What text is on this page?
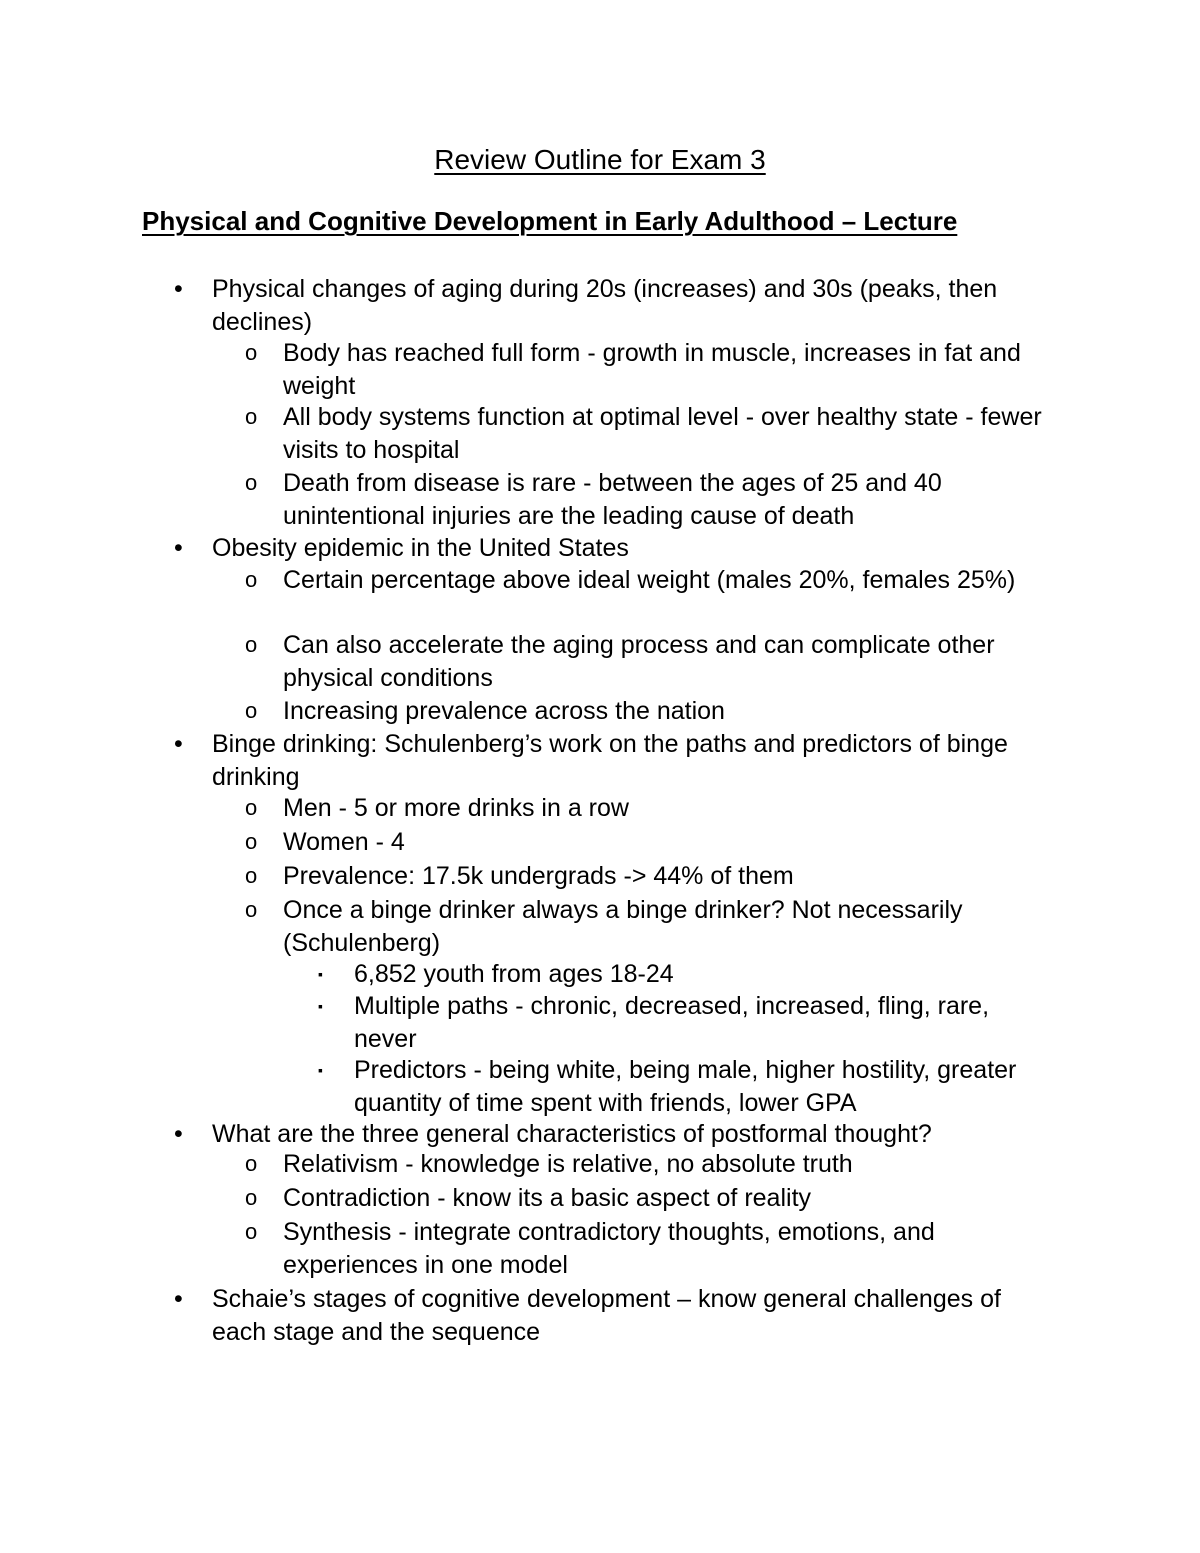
Review Outline for Exam 3
Physical and Cognitive Development in Early Adulthood – Lecture
• Physical changes of aging during 20s (increases) and 30s (peaks, then declines)
o Body has reached full form - growth in muscle, increases in fat and weight
o All body systems function at optimal level - over healthy state - fewer visits to hospital
o Death from disease is rare - between the ages of 25 and 40 unintentional injuries are the leading cause of death
• Obesity epidemic in the United States
o Certain percentage above ideal weight (males 20%, females 25%)
o Can also accelerate the aging process and can complicate other physical conditions
o Increasing prevalence across the nation
• Binge drinking: Schulenberg’s work on the paths and predictors of binge drinking
o Men - 5 or more drinks in a row
o Women - 4
o Prevalence: 17.5k undergrads -> 44% of them
o Once a binge drinker always a binge drinker? Not necessarily (Schulenberg)
▪ 6,852 youth from ages 18-24
▪ Multiple paths - chronic, decreased, increased, fling, rare, never
▪ Predictors - being white, being male, higher hostility, greater quantity of time spent with friends, lower GPA
• What are the three general characteristics of postformal thought?
o Relativism - knowledge is relative, no absolute truth
o Contradiction - know its a basic aspect of reality
o Synthesis - integrate contradictory thoughts, emotions, and experiences in one model
• Schaie’s stages of cognitive development – know general challenges of each stage and the sequence
